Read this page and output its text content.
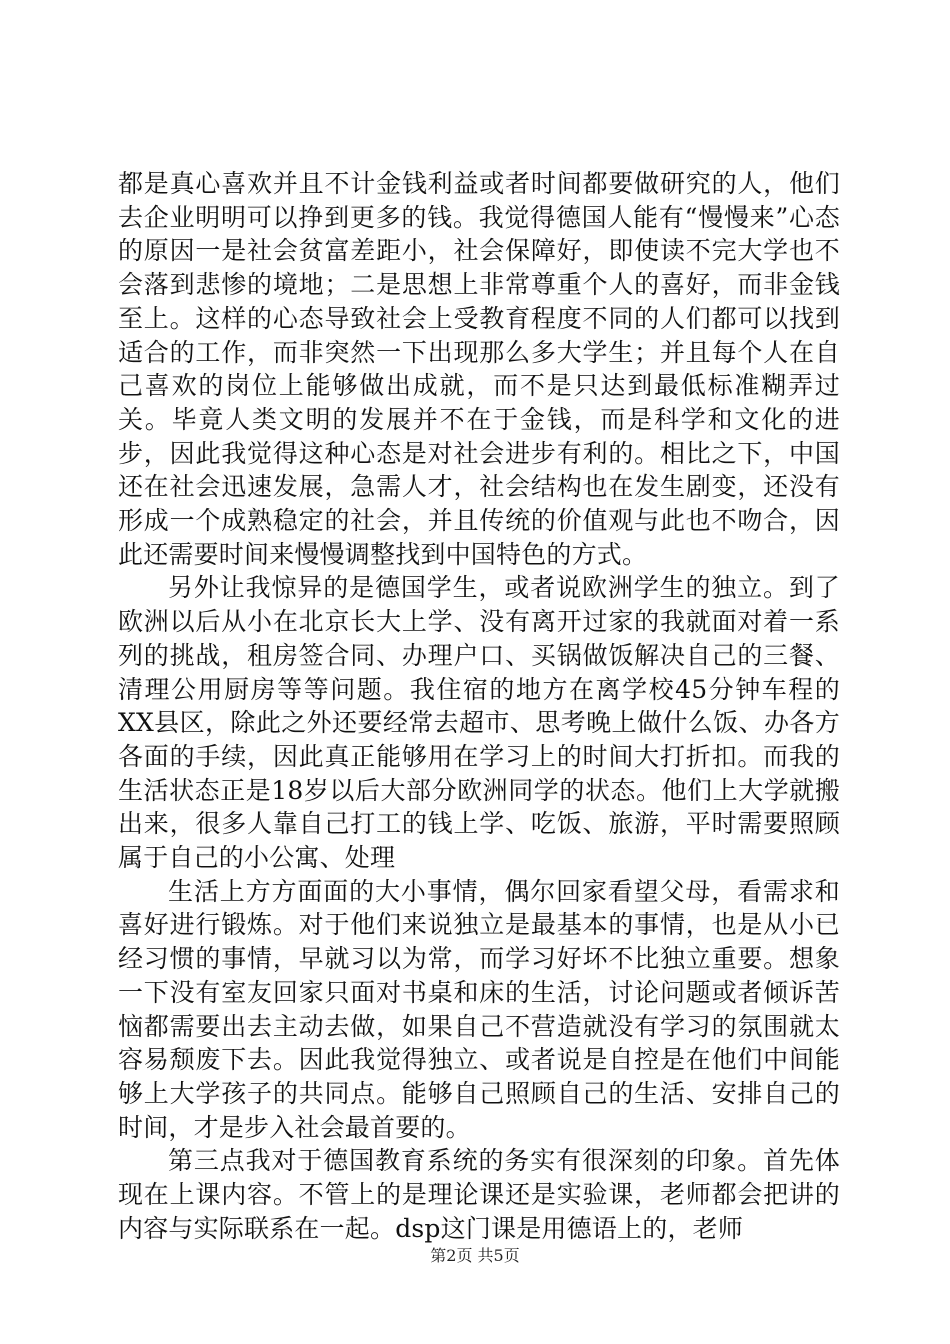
都是真心喜欢并且不计金钱利益或者时间都要做研究的人，他们去企业明明可以挣到更多的钱。我觉得德国人能有“慢慢来”心态的原因一是社会贫富差距小，社会保障好，即使读不完大学也不会落到悲惨的境地；二是思想上非常尊重个人的喜好，而非金钱至上。这样的心态导致社会上受教育程度不同的人们都可以找到适合的工作，而非突然一下出现那么多大学生；并且每个人在自己喜欢的岗位上能够做出成就，而不是只达到最低标准糊弄过关。毕竟人类文明的发展并不在于金钱，而是科学和文化的进步，因此我觉得这种心态是对社会进步有利的。相比之下，中国还在社会迅速发展，急需人才，社会结构也在发生剧变，还没有形成一个成熟稳定的社会，并且传统的价值观与此也不吻合，因此还需要时间来慢慢调整找到中国特色的方式。

另外让我惊异的是德国学生，或者说欧洲学生的独立。到了欧洲以后从小在北京长大上学、没有离开过家的我就面对着一系列的挑战，租房签合同、办理户口、买锅做饭解决自己的三餐、清理公用厨房等等问题。我住宿的地方在离学校45分钟车程的XX县区，除此之外还要经常去超市、思考晚上做什么饭、办各方各面的手续，因此真正能够用在学习上的时间大打折扣。而我的生活状态正是18岁以后大部分欧洲同学的状态。他们上大学就搬出来，很多人靠自己打工的钱上学、吃饭、旅游，平时需要照顾属于自己的小公寓、处理

生活上方方面面的大小事情，偶尔回家看望父母，看需求和喜好进行锻炼。对于他们来说独立是最基本的事情，也是从小已经习惯的事情，早就习以为常，而学习好坏不比独立重要。想象一下没有室友回家只面对书桌和床的生活，讨论问题或者倾诉苦恼都需要出去主动去做，如果自己不营造就没有学习的氛围就太容易颓废下去。因此我觉得独立、或者说是自控是在他们中间能够上大学孩子的共同点。能够自己照顾自己的生活、安排自己的时间，才是步入社会最首要的。

第三点我对于德国教育系统的务实有很深刻的印象。首先体现在上课内容。不管上的是理论课还是实验课，老师都会把讲的内容与实际联系在一起。dsp这门课是用德语上的，老师

第2页 共5页
